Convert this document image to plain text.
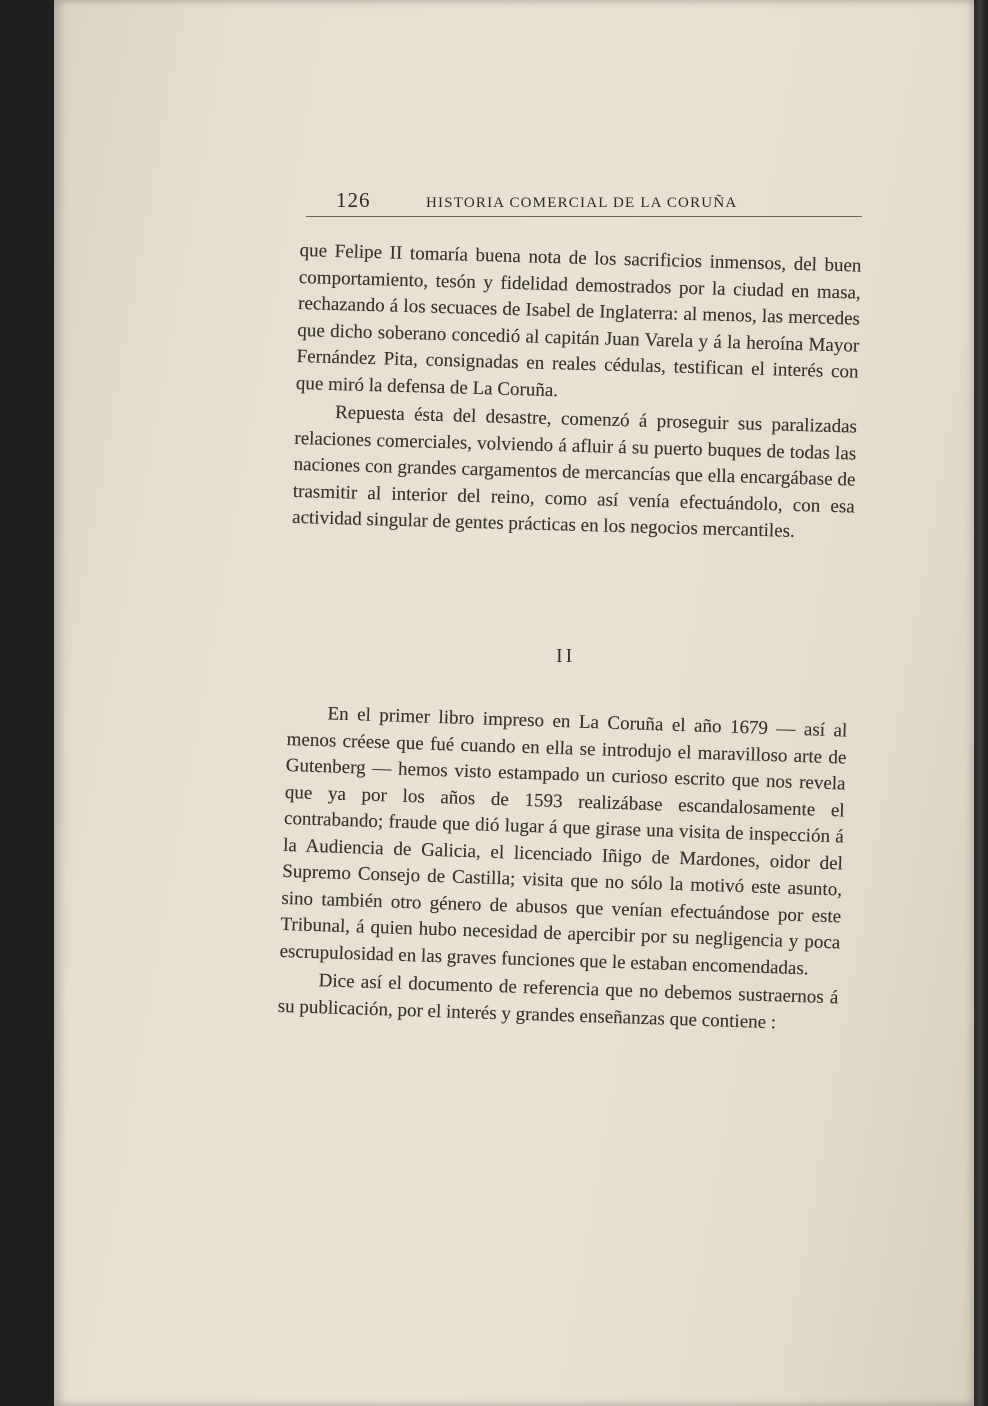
126	HISTORIA COMERCIAL DE LA CORUÑA

que Felipe II tomaría buena nota de los sacrificios inmensos, del buen comportamiento, tesón y fidelidad demostrados por la ciudad en masa, rechazando á los secuaces de Isabel de Inglaterra: al menos, las mercedes que dicho soberano concedió al capitán Juan Varela y á la heroína Mayor Fernández Pita, consignadas en reales cédulas, testifican el interés con que miró la defensa de La Coruña.

Repuesta ésta del desastre, comenzó á proseguir sus paralizadas relaciones comerciales, volviendo á afluir á su puerto buques de todas las naciones con grandes cargamentos de mercancías que ella encargábase de trasmitir al interior del reino, como así venía efectuándolo, con esa actividad singular de gentes prácticas en los negocios mercantiles.

II

En el primer libro impreso en La Coruña el año 1679 — así al menos créese que fué cuando en ella se introdujo el maravilloso arte de Gutenberg — hemos visto estampado un curioso escrito que nos revela que ya por los años de 1593 realizábase escandalosamente el contrabando; fraude que dió lugar á que girase una visita de inspección á la Audiencia de Galicia, el licenciado Iñigo de Mardones, oidor del Supremo Consejo de Castilla; visita que no sólo la motivó este asunto, sino también otro género de abusos que venían efectuándose por este Tribunal, á quien hubo necesidad de apercibir por su negligencia y poca escrupulosidad en las graves funciones que le estaban encomendadas.

Dice así el documento de referencia que no debemos sustraernos á su publicación, por el interés y grandes enseñanzas que contiene :
